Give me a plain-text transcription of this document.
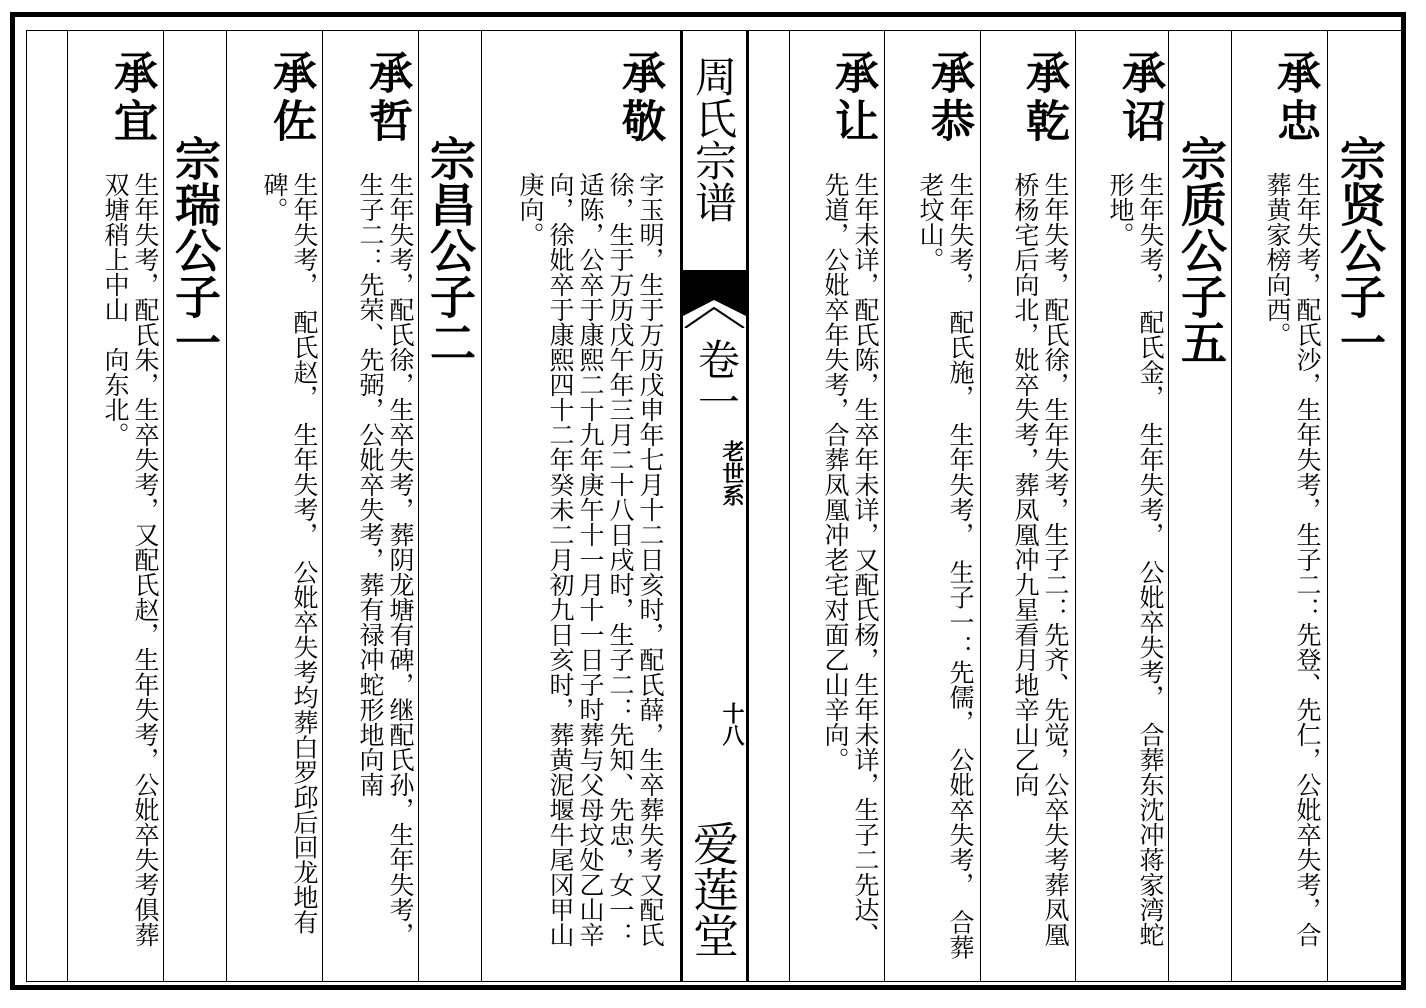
周氏宗谱
卷一
老世系
十八
爱莲堂
宗贤公子一
承忠
生年失考，配氏沙，生年失考，生子二：先登、先仁，公妣卒失考，合葬黄家榜向西。
宗质公子五
承诏
生年失考，　配氏金，　生年失考，　公妣卒失考，　合葬东沈冲蒋家湾蛇形地。
承乾
生年失考，配氏徐，生年失考，生子二：先齐、先觉，公卒失考葬凤凰桥杨宅后向北，妣卒失考，葬凤凰冲九星看月地辛山乙向
承恭
生年失考，　配氏施，　生年失考，　生子一：先儒，　公妣卒失考，　合葬老坟山。
承让
生年未详，配氏陈，生卒年未详，又配氏杨，生年未详，生子二先达、先道，公妣卒年失考，合葬凤凰冲老宅对面乙山辛向。
承敬
字玉明，生于万历戊申年七月十二日亥时，配氏薛，生卒葬失考又配氏徐，生于万历戊午年三月二十八日戌时，生子二：先知、先忠，女一：适陈，公卒于康熙二十九年庚午十一月十一日子时葬与父母坟处乙山辛向，徐妣卒于康熙四十二年癸未二月初九日亥时，葬黄泥堰牛尾冈甲山庚向。
宗昌公子二
承哲
生年失考，配氏徐，生卒失考，葬阴龙塘有碑，继配氏孙，生年失考，生子二：先荣、先弼，公妣卒失考，葬有禄冲蛇形地向南
承佐
生年失考，　配氏赵，　生年失考，　公妣卒失考均葬白罗邱后回龙地有碑。
宗瑞公子一
承宜
生年失考，配氏朱，生卒失考，又配氏赵，生年失考，公妣卒失考俱葬双塘稍上中山　向东北。
